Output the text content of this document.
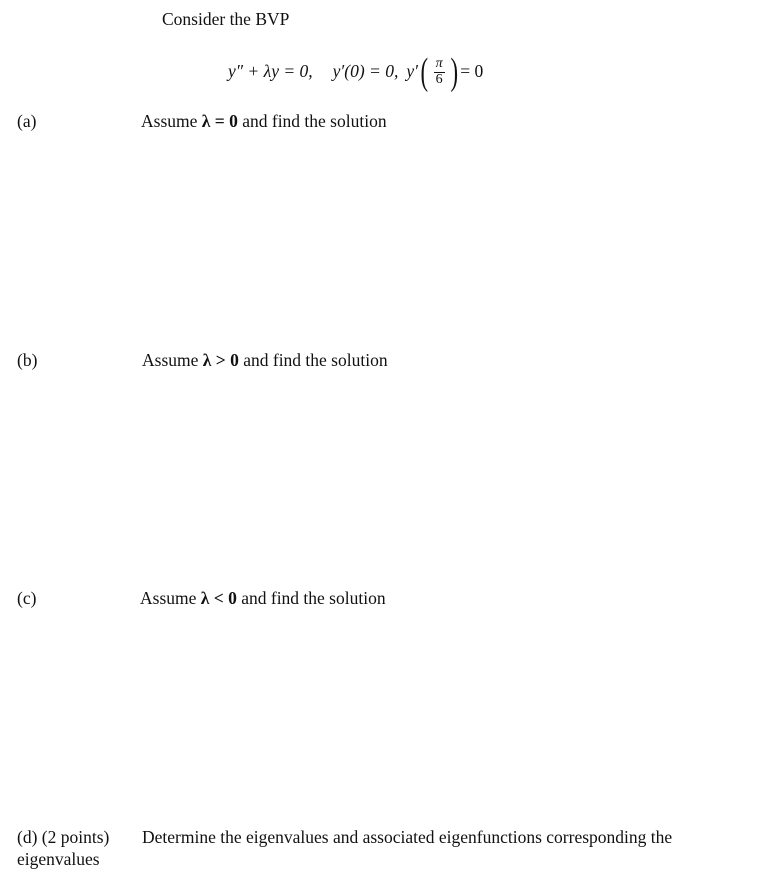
Consider the BVP
y″ + λy = 0, y′(0) = 0, y′ ( $\frac{\pi}{6}$ ) = 0
(a)	Assume λ = 0 and find the solution
(b)	Assume λ > 0 and find the solution
(c)	Assume λ < 0 and find the solution
(d) (2 points) Determine the eigenvalues and associated eigenfunctions corresponding the
eigenvalues
